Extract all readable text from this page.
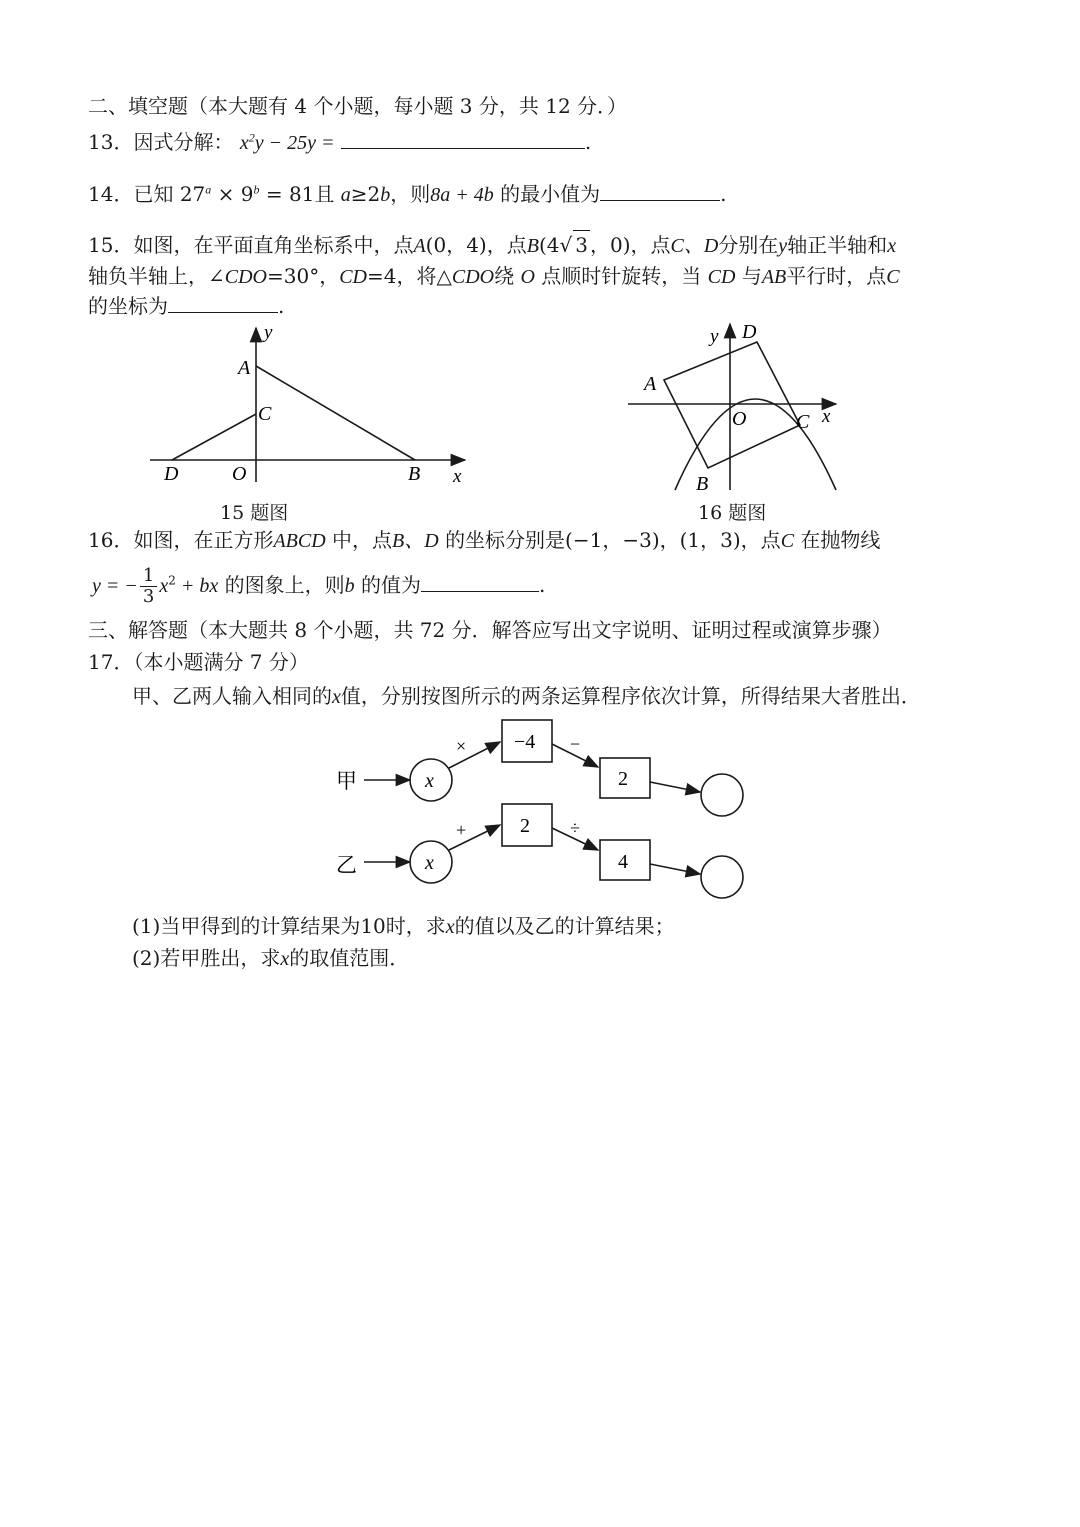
二、填空题（本大题有 4 个小题，每小题 3 分，共 12 分．）
13．因式分解： $x^2y - 25y$ =	.
14．已知 $27^a \times 9^b = 81$且 a≥2b，则8a + 4b 的最小值为	.
15．如图，在平面直角坐标系中，点A(0，4)，点B(4√ 3 ，0)，点C、D分别在y轴正半轴和x
轴负半轴上，∠CDO=30°，CD=4，将△CDO绕 O 点顺时针旋转，当 CD 与AB平行时，点C
的坐标为	.
y
A
C
D	O	B x
15 题图
y D
A
O C x
B
16 题图
16．如图，在正方形ABCD 中，点B、D 的坐标分别是(−1，−3)，(1，3)，点C 在抛物线
y = − $\frac{1}{3} x^2$ + bx 的图象上，则b 的值为	.
三、解答题（本大题共 8 个小题，共 72 分．解答应写出文字说明、证明过程或演算步骤）
17．（本小题满分 7 分）
甲、乙两人输入相同的x值，分别按图所示的两条运算程序依次计算，所得结果大者胜出．
甲	x
× −4 −
2
乙	x
+	2 ÷
4
(1)当甲得到的计算结果为10时，求x的值以及乙的计算结果；
(2)若甲胜出，求x的取值范围．
